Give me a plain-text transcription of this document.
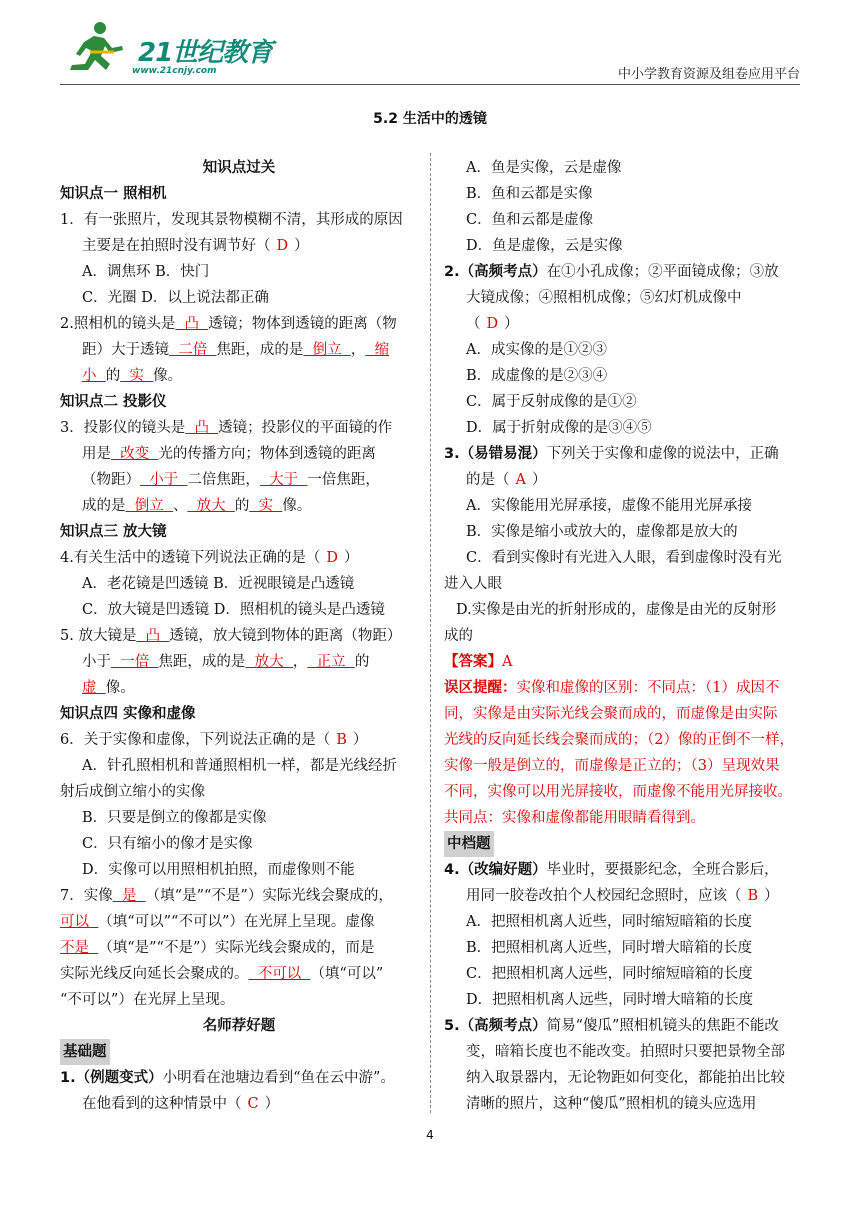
21世纪教育
www.21cnjy.com	中小学教育资源及组卷应用平台
5.2 生活中的透镜
知识点过关
知识点一 照相机
1．有一张照片，发现其景物模糊不清，其形成的原因
主要是在拍照时没有调节好（ D ）
A．调焦环 B．快门
C．光圈 D．以上说法都正确
2.照相机的镜头是  凸  透镜；物体到透镜的距离（物
距）大于透镜  二倍  焦距，成的是  倒立  ，  缩
小  的  实  像。
知识点二 投影仪
3．投影仪的镜头是  凸  透镜；投影仪的平面镜的作
用是  改变  光的传播方向；物体到透镜的距离
（物距）  小于  二倍焦距，  大于  一倍焦距，
成的是  倒立  、  放大  的  实  像。
知识点三 放大镜
4.有关生活中的透镜下列说法正确的是（ D ）
A．老花镜是凹透镜 B．近视眼镜是凸透镜
C．放大镜是凹透镜 D．照相机的镜头是凸透镜
5. 放大镜是  凸  透镜，放大镜到物体的距离（物距）
小于  一倍  焦距，成的是  放大  ，  正立  的
虚  像。
知识点四 实像和虚像
6．关于实像和虚像，下列说法正确的是（ B ）
A．针孔照相机和普通照相机一样，都是光线经折
射后成倒立缩小的实像
B．只要是倒立的像都是实像
C．只有缩小的像才是实像
D．实像可以用照相机拍照，而虚像则不能
7．实像  是  （填“是”“不是”）实际光线会聚成的，
可以  （填“可以”“不可以”）在光屏上呈现。虚像
不是  （填“是”“不是”）实际光线会聚成的，而是
实际光线反向延长会聚成的。  不可以  （填“可以”
“不可以”）在光屏上呈现。
名师荐好题
基础题
1.（例题变式）小明看在池塘边看到“鱼在云中游”。
在他看到的这种情景中（ C ）
A．鱼是实像，云是虚像
B．鱼和云都是实像
C．鱼和云都是虚像
D．鱼是虚像，云是实像
2.（高频考点）在①小孔成像；②平面镜成像；③放
大镜成像；④照相机成像；⑤幻灯机成像中
（ D ）
A．成实像的是①②③
B．成虚像的是②③④
C．属于反射成像的是①②
D．属于折射成像的是③④⑤
3.（易错易混）下列关于实像和虚像的说法中，正确
的是（ A ）
A．实像能用光屏承接，虚像不能用光屏承接
B．实像是缩小或放大的，虚像都是放大的
C．看到实像时有光进入人眼，看到虚像时没有光
进入人眼
D.实像是由光的折射形成的，虚像是由光的反射形
成的
【答案】A
误区提醒：实像和虚像的区别：不同点：（1）成因不
同，实像是由实际光线会聚而成的，而虚像是由实际
光线的反向延长线会聚而成的；（2）像的正倒不一样，
实像一般是倒立的，而虚像是正立的；（3）呈现效果
不同，实像可以用光屏接收，而虚像不能用光屏接收。
共同点：实像和虚像都能用眼睛看得到。
中档题
4.（改编好题）毕业时，要摄影纪念，全班合影后，
用同一胶卷改拍个人校园纪念照时，应该（ B ）
A．把照相机离人近些，同时缩短暗箱的长度
B．把照相机离人近些，同时增大暗箱的长度
C．把照相机离人远些，同时缩短暗箱的长度
D．把照相机离人远些，同时增大暗箱的长度
5.（高频考点）简易“傻瓜”照相机镜头的焦距不能改
变，暗箱长度也不能改变。拍照时只要把景物全部
纳入取景器内，无论物距如何变化，都能拍出比较
清晰的照片，这种“傻瓜”照相机的镜头应选用
4
